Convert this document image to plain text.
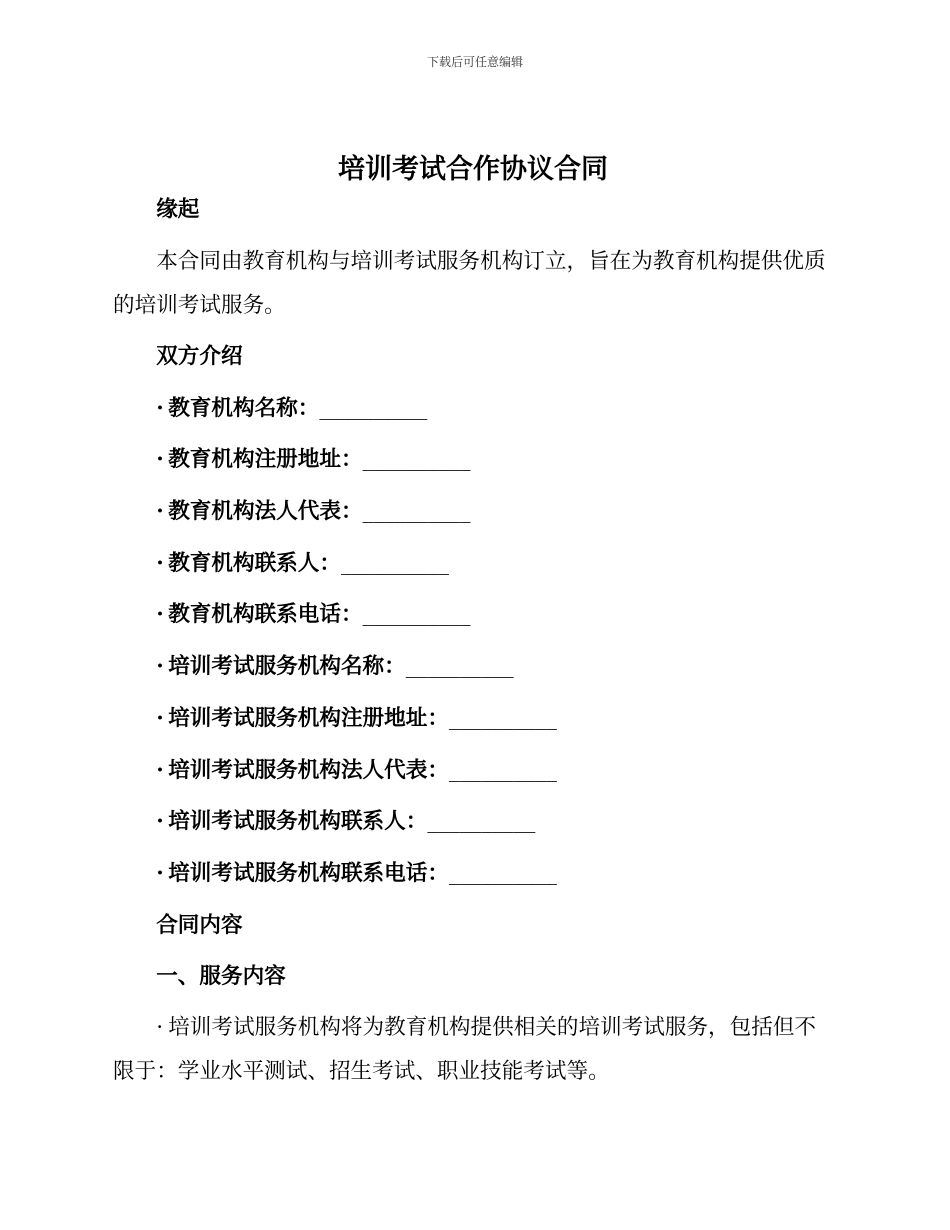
下载后可任意编辑
培训考试合作协议合同
缘起
本合同由教育机构与培训考试服务机构订立，旨在为教育机构提供优质的培训考试服务。
双方介绍
· 教育机构名称：__________
· 教育机构注册地址：__________
· 教育机构法人代表：__________
· 教育机构联系人：__________
· 教育机构联系电话：__________
· 培训考试服务机构名称：__________
· 培训考试服务机构注册地址：__________
· 培训考试服务机构法人代表：__________
· 培训考试服务机构联系人：__________
· 培训考试服务机构联系电话：__________
合同内容
一、服务内容
· 培训考试服务机构将为教育机构提供相关的培训考试服务，包括但不限于：学业水平测试、招生考试、职业技能考试等。
